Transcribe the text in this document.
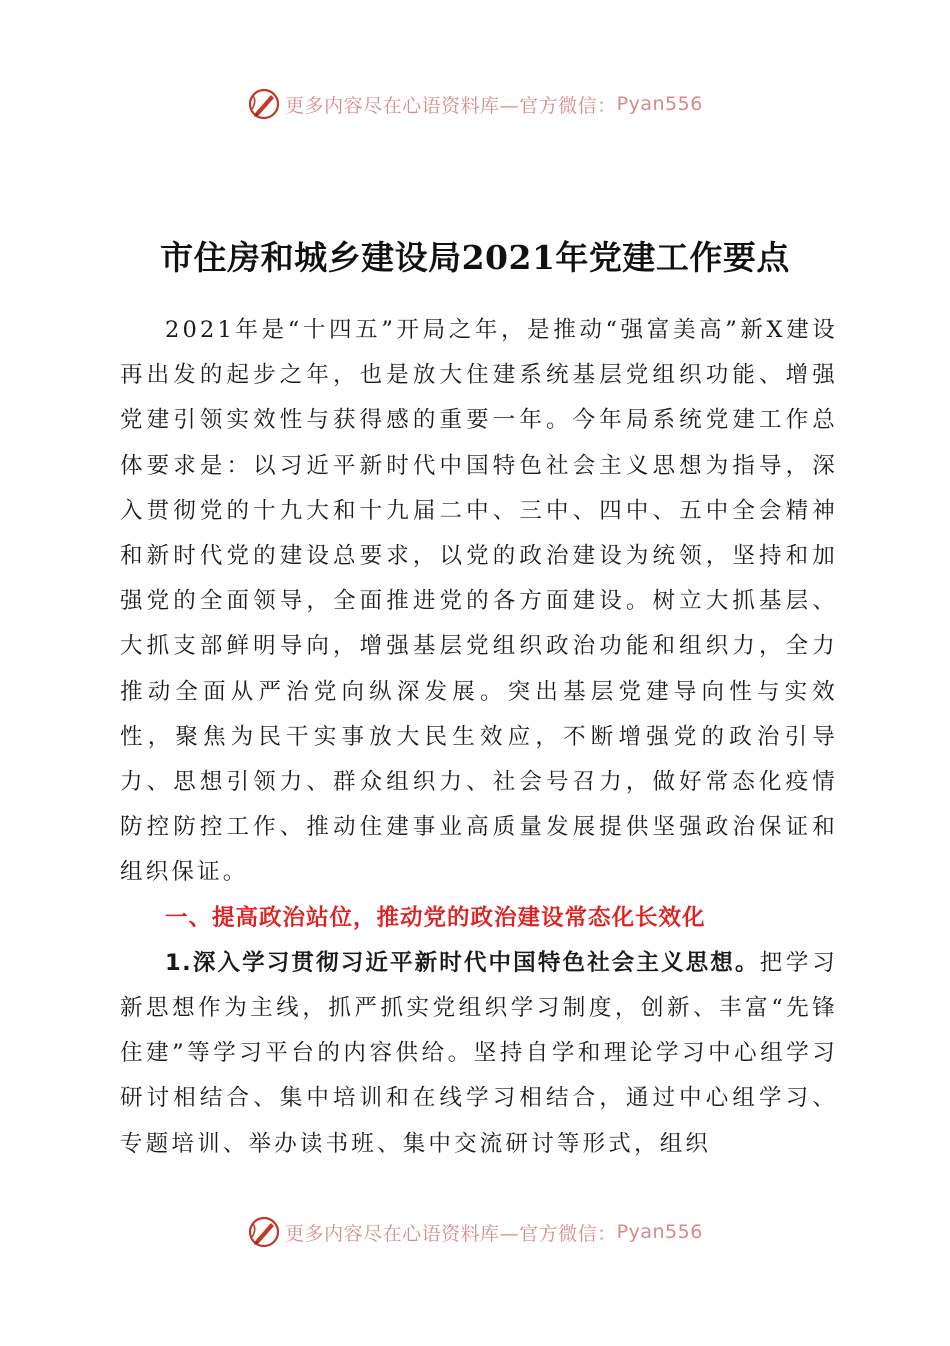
更多内容尽在心语资料库—官方微信： Pyan556
市住房和城乡建设局2021年党建工作要点

2021年是“十四五”开局之年，是推动“强富美高”新X建设再出发的起步之年，也是放大住建系统基层党组织功能、增强党建引领实效性与获得感的重要一年。今年局系统党建工作总体要求是：以习近平新时代中国特色社会主义思想为指导，深入贯彻党的十九大和十九届二中、三中、四中、五中全会精神和新时代党的建设总要求，以党的政治建设为统领，坚持和加强党的全面领导，全面推进党的各方面建设。树立大抓基层、大抓支部鲜明导向，增强基层党组织政治功能和组织力，全力推动全面从严治党向纵深发展。突出基层党建导向性与实效性，聚焦为民干实事放大民生效应，不断增强党的政治引导力、思想引领力、群众组织力、社会号召力，做好常态化疫情防控防控工作、推动住建事业高质量发展提供坚强政治保证和组织保证。

一、提高政治站位，推动党的政治建设常态化长效化

1.深入学习贯彻习近平新时代中国特色社会主义思想。把学习新思想作为主线，抓严抓实党组织学习制度，创新、丰富“先锋住建”等学习平台的内容供给。坚持自学和理论学习中心组学习研讨相结合、集中培训和在线学习相结合，通过中心组学习、专题培训、举办读书班、集中交流研讨等形式，组织

更多内容尽在心语资料库—官方微信： Pyan556
